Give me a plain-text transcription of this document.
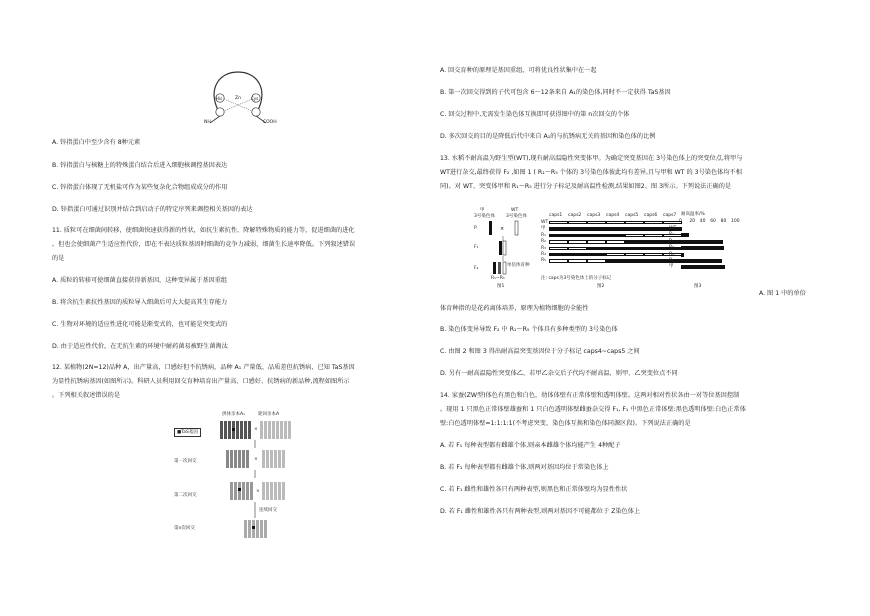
Zn
His	Cys
NH	COOH
A. 锌指蛋白中至少含有 8种元素
B. 锌指蛋白与核糖上的特殊蛋白结合后进入细胞核调控基因表达
C. 锌指蛋白体现了无机盐可作为某些复杂化合物组成成分的作用
D. 锌指蛋白可通过识别并结合到启动子的特定序列来调控相关基因的表达
11. 质粒可在细菌间转移，使细菌快速获得新的性状，如抗生素抗性、降解特殊物质的能力等，促进细菌的进化
。但也会使细菌产生适应性代价，即在不表达质粒基因时细菌的竞争力减弱，细菌生长速率降低。下列叙述错误
的是
A. 质粒的转移可使细菌直接获得新基因，这种变异属于基因重组
B. 将含抗生素抗性基因的质粒导入细菌后可大大提高其生存能力
C. 生物对环境的适应性进化可能是渐变式的，也可能是突变式的
D. 由于适应性代价，在无抗生素的环境中耐药菌易被野生菌淘汰
12. 某植物(2N=12)品种 A，出产量高，口感好但不抗锈病，品种 A₁ 产量低、品质差但抗锈病，已知 TaS基因
为显性抗锈病基因(如图所示)。科研人员利用回交育种培育出产量高、口感好、抗锈病的新品种,流程如图所示
。下列相关叙述错误的是
供体亲本A₁	轮回亲本A
■TaS基因
×
×
×
第一次回交
第二次回交
连续回交
第n次回交
A. 回交育种的原理是基因重组，可将优良性状集中在一起
B. 第一次回交得到的子代可包含 6～12条来自 A₁的染色体,同时不一定获得 TaS基因
C. 回交过程中,无需发生染色体互换即可获得图中的第 n次回交的个体
D. 多次回交的目的是降低后代中来自 A₁的与抗锈病无关的基因和染色体的比例
13. 水稻不耐高温为野生型(WT),现有耐高温隐性突变体甲。为确定突变基因在 3号染色体上的突变位点,将甲与
WT进行杂交,最终获得 F₂ ,如图 1 ( R₁～R₅ 个体的 3号染色体彼此均有差异,且与甲和 WT 的 3号染色体均不相
同)。对 WT、突变体甲和 R₁～R₅ 进行分子标记及耐高温性检测,结果如图2、图 3所示。下列说法正确的是
甲	WT
3号染色体 3号染色体
P
F₁
F₂
单倍体育种
R₁~R₅
图1
×
注: caps为3号染色体上的分子标记
图2
caps1 caps2 caps3 caps4 caps5 caps6 caps7
WT
甲
R₁
R₂
R₃
R₄
R₅
耐高温率/%
图3
0 20 40 60 80 100
WT
R₁
R₂
R₃
R₄
R₅
甲
A. 图 1 中的单倍
体育种指的是花药离体培养，原理为植物细胞的全能性
B. 染色体变异导致 F₂ 中 R₁～R₅ 个体具有多种类型的 3号染色体
C. 由图 2 和图 3 得出耐高温突变基因位于分子标记 caps4~caps5 之间
D. 另有一耐高温隐性突变体乙，若甲乙杂交后子代均不耐高温，则甲、乙突变位点不同
14. 家蚕(ZW型)体色有黑色和白色，幼体体壁有正常体壁和透明体壁。这两对相对性状各由一对等位基因控制
。现用 1 只黑色正常体壁雄蚕和 1 只白色透明体壁雌蚕杂交得 F₁, F₁ 中黑色正常体壁:黑色透明体壁:白色正常体
壁:白色透明体壁=1:1:1:1(不考虑突变、染色体互换和染色体同源区段)。下列说法正确的是
A. 若 F₁ 每种表型都有雌雄个体,则亲本雌雄个体均能产生 4种配子
B. 若 F₁ 每种表型都有雌雄个体,则两对基因均位于常染色体上
C. 若 F₁ 雌性和雄性各只有两种表型,则黑色和正常体壁均为显性性状
D. 若 F₁ 雌性和雄性各只有两种表型,则两对基因不可能都位于 Z染色体上
